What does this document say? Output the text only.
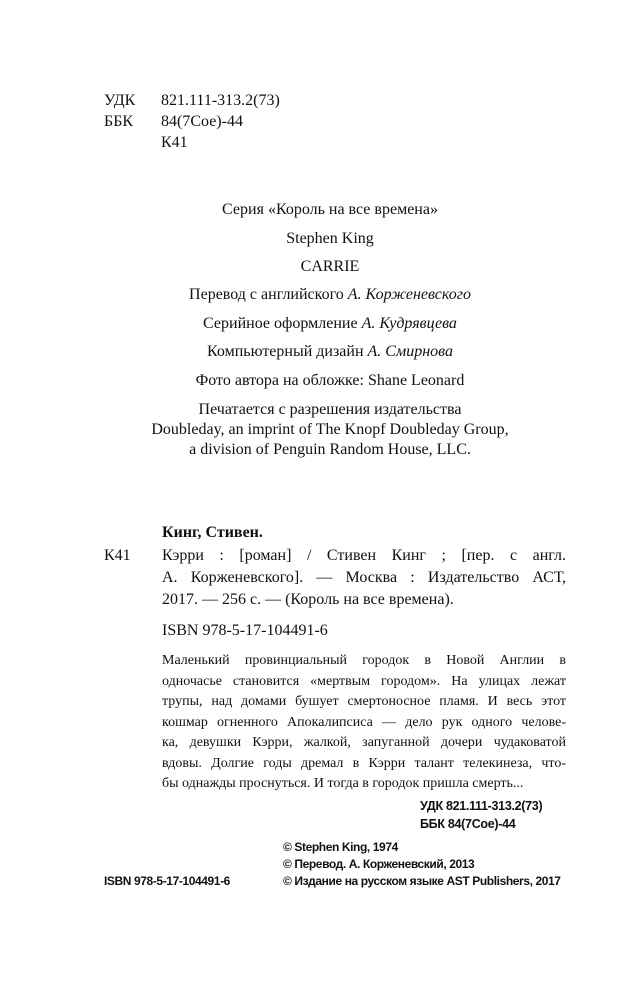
УДК 821.111-313.2(73)
ББК 84(7Сое)-44
К41
Серия «Король на все времена»
Stephen King
CARRIE
Перевод с английского А. Корженевского
Серийное оформление А. Кудрявцева
Компьютерный дизайн А. Смирнова
Фото автора на обложке: Shane Leonard
Печатается с разрешения издательства
Doubleday, an imprint of The Knopf Doubleday Group,
a division of Penguin Random House, LLC.
Кинг, Стивен.
К41 Кэрри : [роман] / Стивен Кинг ; [пер. с англ.
А. Корженевского]. — Москва : Издательство АСТ,
2017. — 256 с. — (Король на все времена).
ISBN 978-5-17-104491-6
Маленький провинциальный городок в Новой Англии в
одночасье становится «мертвым городом». На улицах лежат
трупы, над домами бушует смертоносное пламя. И весь этот
кошмар огненного Апокалипсиса — дело рук одного челове-
ка, девушки Кэрри, жалкой, запуганной дочери чудаковатой
вдовы. Долгие годы дремал в Кэрри талант телекинеза, что-
бы однажды проснуться. И тогда в городок пришла смерть...
УДК 821.111-313.2(73)
ББК 84(7Сое)-44
© Stephen King, 1974
© Перевод. А. Корженевский, 2013
ISBN 978-5-17-104491-6	© Издание на русском языке AST Publishers, 2017
